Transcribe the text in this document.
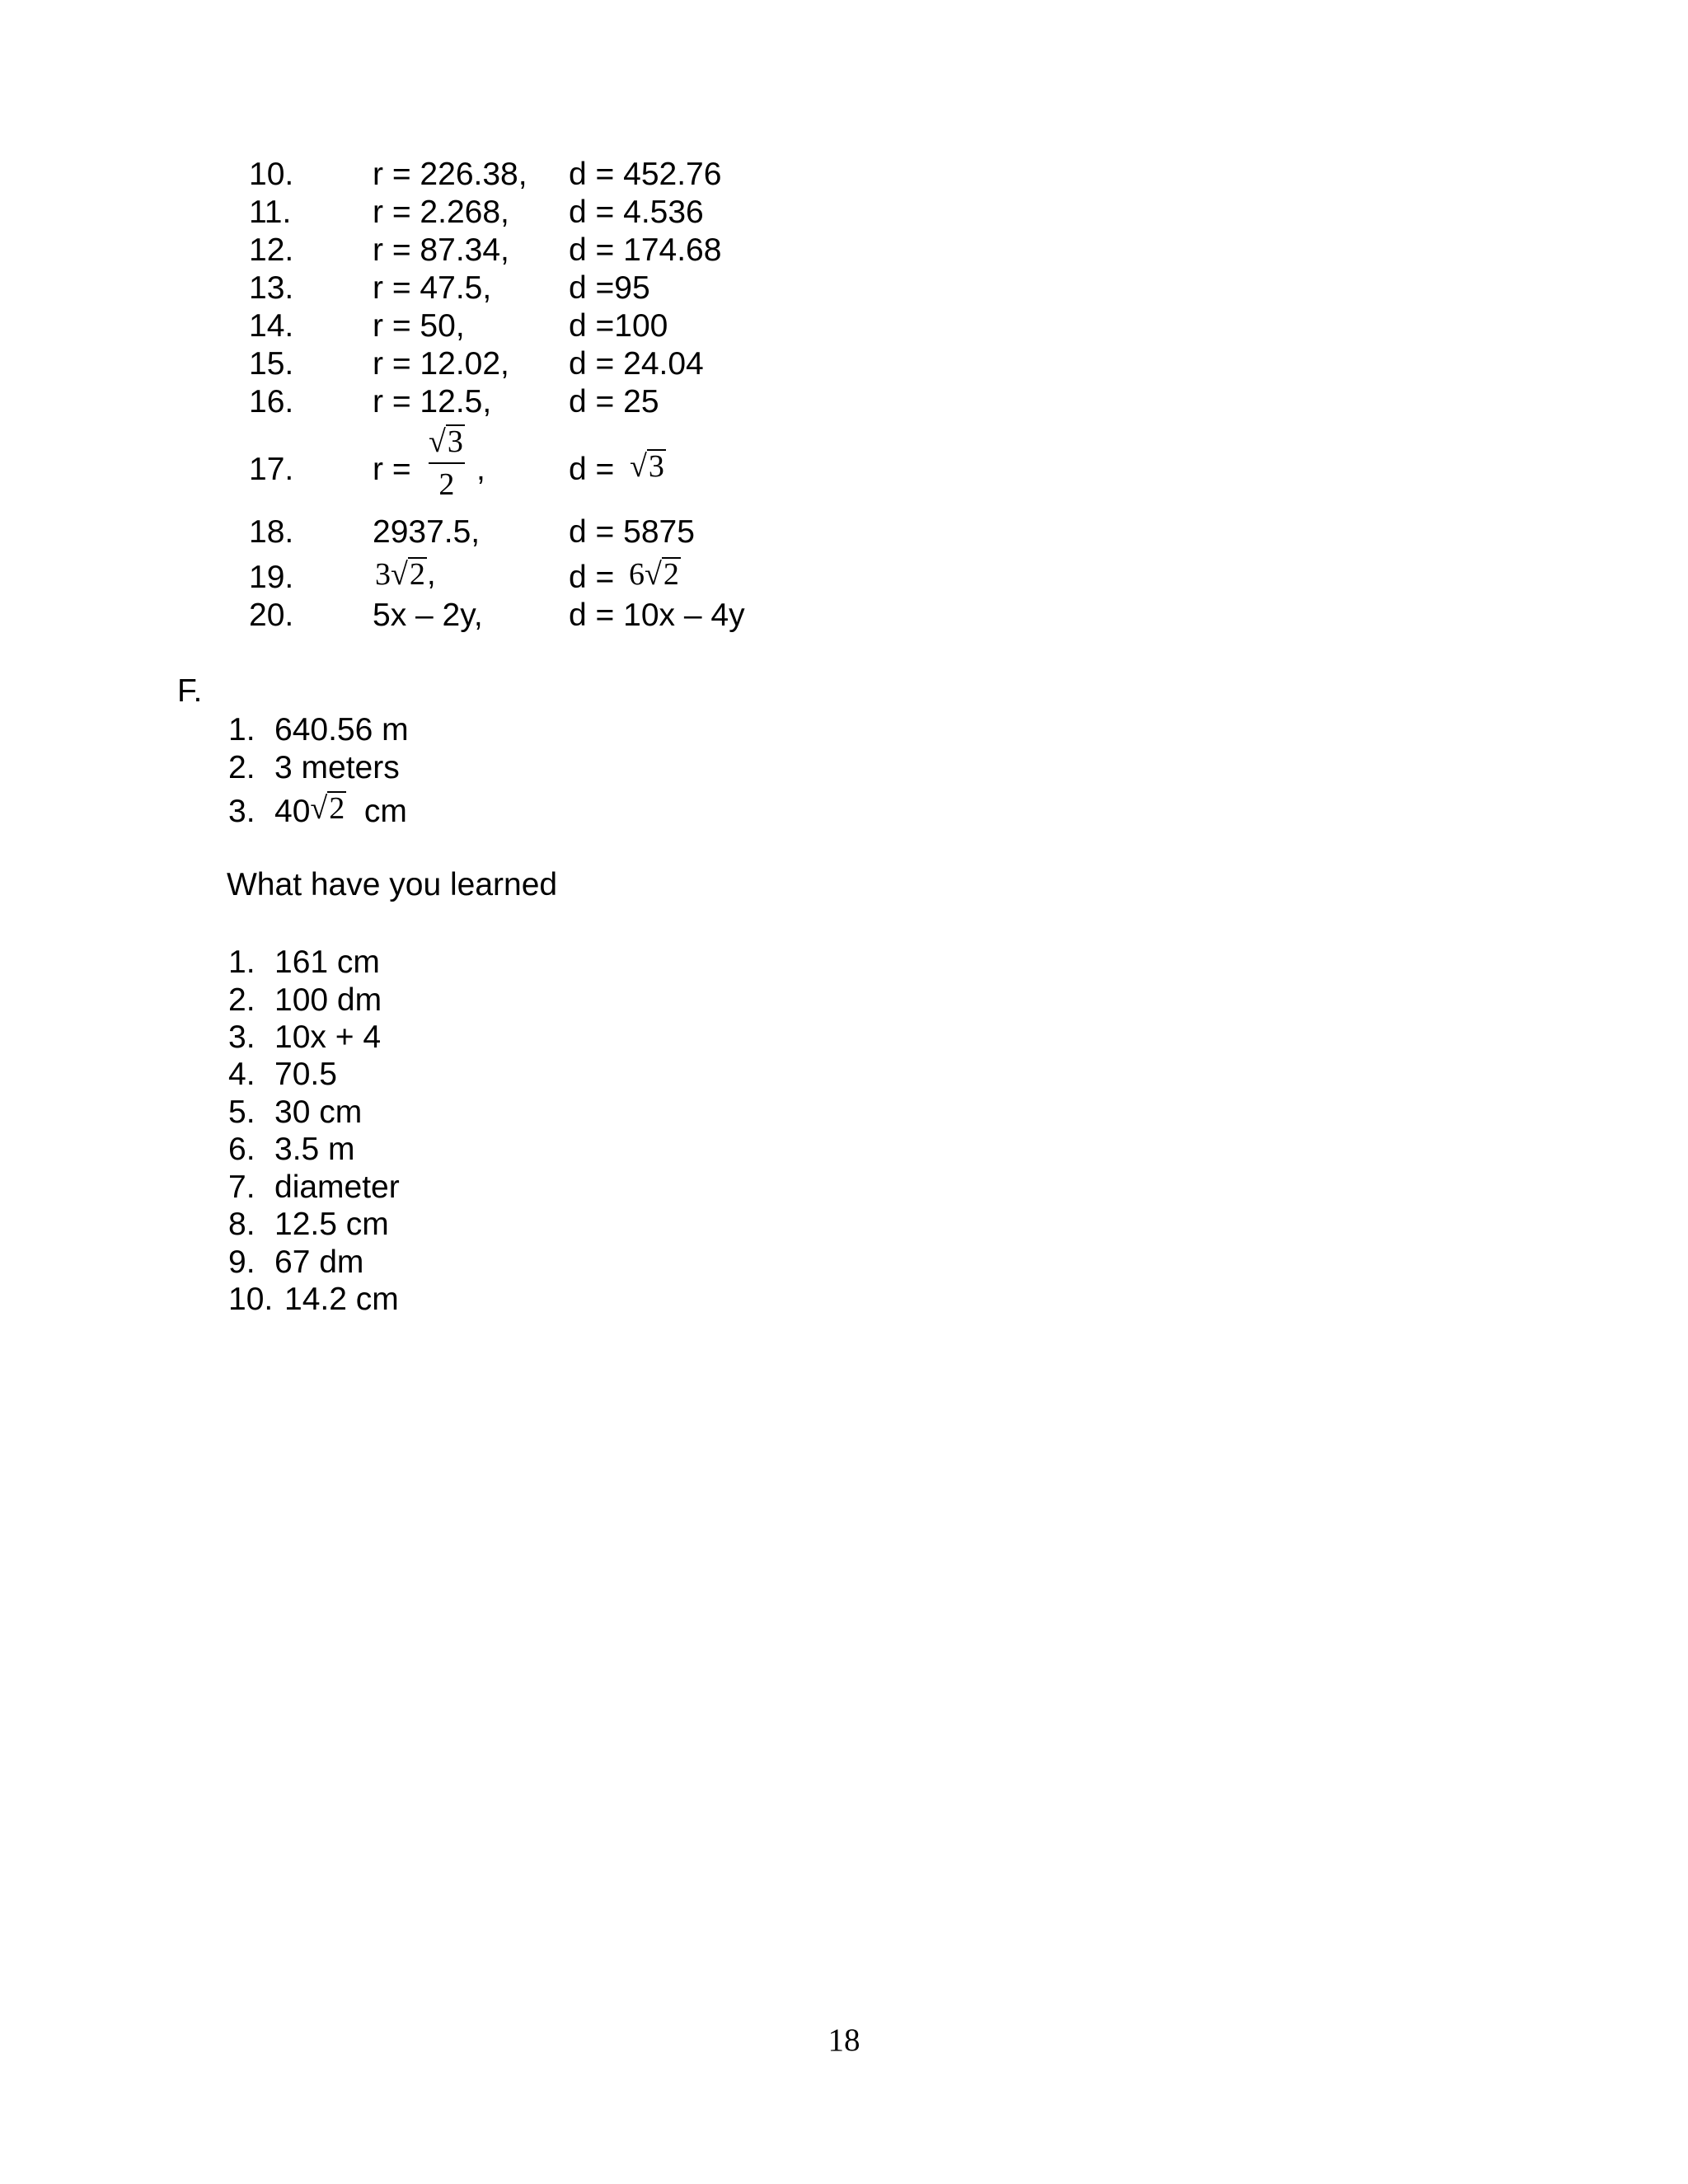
10. r = 226.38, d = 452.76
11.	r = 2.268, d = 4.536
12. r = 87.34, d = 174.68
13. r = 47.5, d =95
14. r = 50,	d =100
15. r = 12.02, d = 24.04
16. r = 12.5, d = 25
17. r =
√3
2 ,	d = √3
18. 2937.5,	d = 5875
19.	3√2,	d = 6√2
20. 5x – 2y,	d = 10x – 4y
F.
1. 640.56 m
2. 3 meters
3. 40√2 cm
What have you learned
1. 161 cm
2. 100 dm
3. 10x + 4
4. 70.5
5. 30 cm
6. 3.5 m
7. diameter
8. 12.5 cm
9. 67 dm
10. 14.2 cm
18
